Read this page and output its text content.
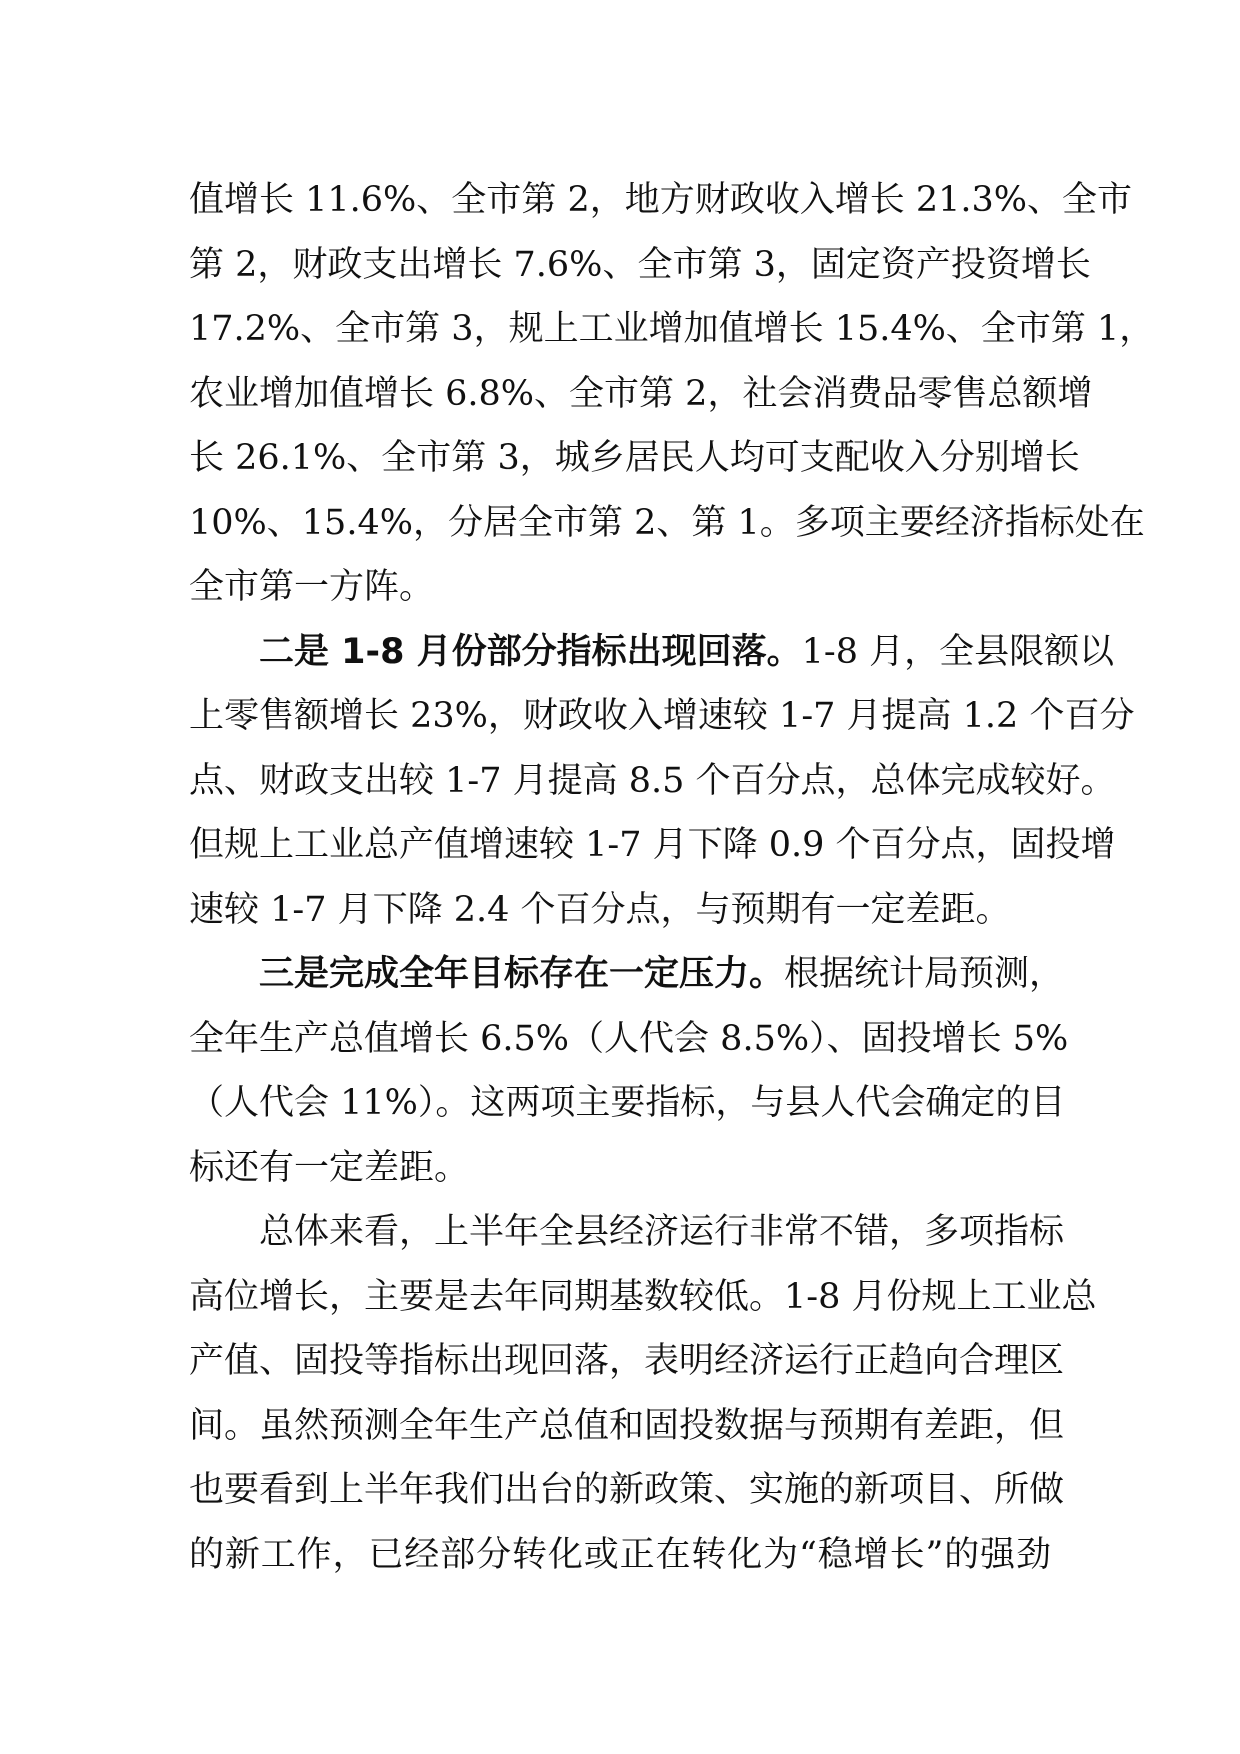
值增长 11.6%、全市第 2，地方财政收入增长 21.3%、全市
第 2，财政支出增长 7.6%、全市第 3，固定资产投资增长
17.2%、全市第 3，规上工业增加值增长 15.4%、全市第 1，
农业增加值增长 6.8%、全市第 2，社会消费品零售总额增
长 26.1%、全市第 3，城乡居民人均可支配收入分别增长
10%、15.4%，分居全市第 2、第 1。多项主要经济指标处在
全市第一方阵。
二是 1-8 月份部分指标出现回落。1-8 月，全县限额以
上零售额增长 23%，财政收入增速较 1-7 月提高 1.2 个百分
点、财政支出较 1-7 月提高 8.5 个百分点，总体完成较好。
但规上工业总产值增速较 1-7 月下降 0.9 个百分点，固投增
速较 1-7 月下降 2.4 个百分点，与预期有一定差距。
三是完成全年目标存在一定压力。根据统计局预测，
全年生产总值增长 6.5%（人代会 8.5%）、固投增长 5%
（人代会 11%）。这两项主要指标，与县人代会确定的目
标还有一定差距。
总体来看，上半年全县经济运行非常不错，多项指标
高位增长，主要是去年同期基数较低。1-8 月份规上工业总
产值、固投等指标出现回落，表明经济运行正趋向合理区
间。虽然预测全年生产总值和固投数据与预期有差距，但
也要看到上半年我们出台的新政策、实施的新项目、所做
的新工作，已经部分转化或正在转化为“稳增长”的强劲
